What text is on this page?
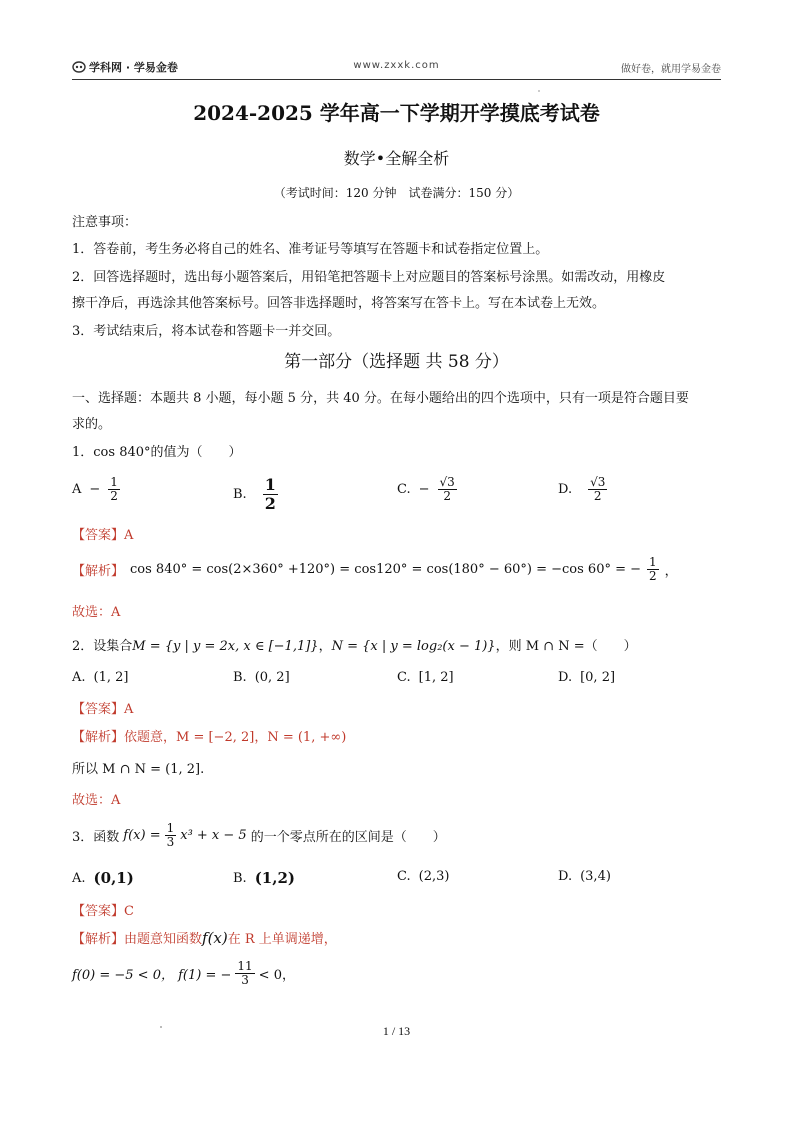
学科网 · 学易金卷	www.zxxk.com	做好卷，就用学易金卷
2024-2025 学年高一下学期开学摸底考试卷
数学•全解全析
（考试时间：120 分钟　试卷满分：150 分）
注意事项：
1．答卷前，考生务必将自己的姓名、准考证号等填写在答题卡和试卷指定位置上。
2．回答选择题时，选出每小题答案后，用铅笔把答题卡上对应题目的答案标号涂黑。如需改动，用橡皮
擦干净后，再选涂其他答案标号。回答非选择题时，将答案写在答卡上。写在本试卷上无效。
3．考试结束后，将本试卷和答题卡一并交回。
第一部分（选择题 共 58 分）
一、选择题：本题共 8 小题，每小题 5 分，共 40 分。在每小题给出的四个选项中，只有一项是符合题目要
求的。
1．cos 840°的值为（　　）
$A - \frac{1}{2}$	B. $\frac{1}{2}$	C. − $\frac{√3}{2}$	D. $\frac{√3}{2}$
【答案】A
【解析】 cos 840° = cos(2×360° +120°) = cos120° = cos(180° − 60°) = −cos 60° = − $\frac{1}{2}$ ，
故选：A
2．设集合M = {y | y = 2x, x ∈ [−1,1]}，N = {x | y = log₂(x − 1)}，则 M ∩ N =（　　）
A. (1, 2]	B. (0, 2]	C. [1, 2]	D. [0, 2]
【答案】A
【解析】依题意，M = [−2, 2]，N = (1, +∞)
所以 M ∩ N = (1, 2].
故选：A
3．函数 $f(x) = \frac{1}{3} x^3 + x - 5$ 的一个零点所在的区间是（　　）
A. (0,1)	B. (1,2)	C. (2,3)	D. (3,4)
【答案】C
【解析】由题意知函数f(x)在 R 上单调递增，
f(0) = −5 < 0， f(1) = − $\frac{11}{3} < 0$，
1 / 13
